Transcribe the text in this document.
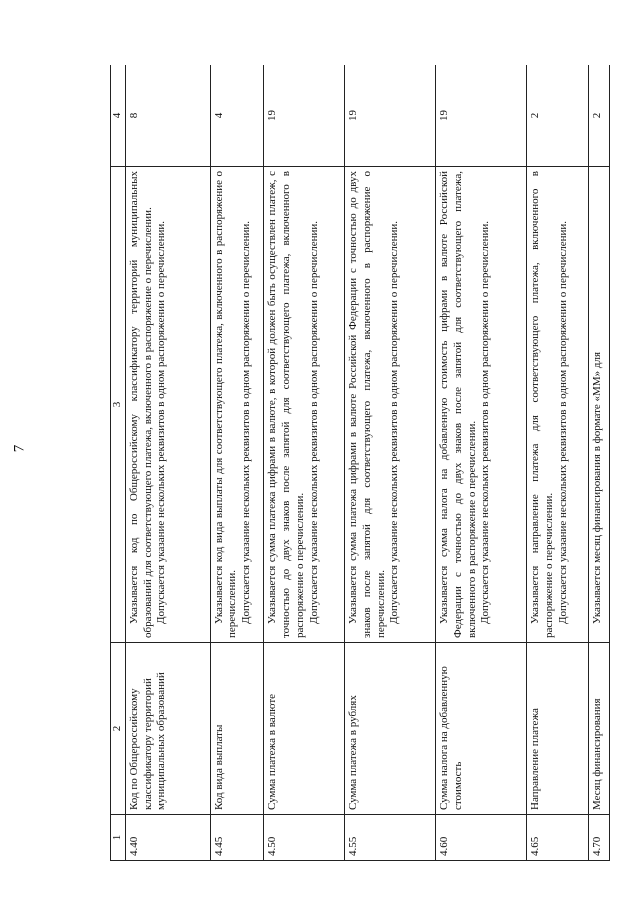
7
1	2	3	4
4.40	Код по Общероссийскому классификатору территорий муниципальных образований	Указывается код по Общероссийскому классификатору территорий муниципальных образований для соответствующего платежа, включенного в распоряжение о перечислении. Допускается указание нескольких реквизитов в одном распоряжении о перечислении.	8
4.45	Код вида выплаты	Указывается код вида выплаты для соответствующего платежа, включенного в распоряжение о перечислении. Допускается указание нескольких реквизитов в одном распоряжении о перечислении.	4
4.50	Сумма платежа в валюте	Указывается сумма платежа цифрами в валюте, в которой должен быть осуществлен платеж, с точностью до двух знаков после запятой для соответствующего платежа, включенного в распоряжение о перечислении. Допускается указание нескольких реквизитов в одном распоряжении о перечислении.	19
4.55	Сумма платежа в рублях	Указывается сумма платежа цифрами в валюте Российской Федерации с точностью до двух знаков после запятой для соответствующего платежа, включенного в распоряжение о перечислении. Допускается указание нескольких реквизитов в одном распоряжении о перечислении.	19
4.60	Сумма налога на добавленную стоимость	Указывается сумма налога на добавленную стоимость цифрами в валюте Российской Федерации с точностью до двух знаков после запятой для соответствующего платежа, включенного в распоряжение о перечислении. Допускается указание нескольких реквизитов в одном распоряжении о перечислении.	19
4.65	Направление платежа	Указывается направление платежа для соответствующего платежа, включенного в распоряжение о перечислении. Допускается указание нескольких реквизитов в одном распоряжении о перечислении.	2
4.70	Месяц финансирования	Указывается месяц финансирования в формате «ММ» для	2
